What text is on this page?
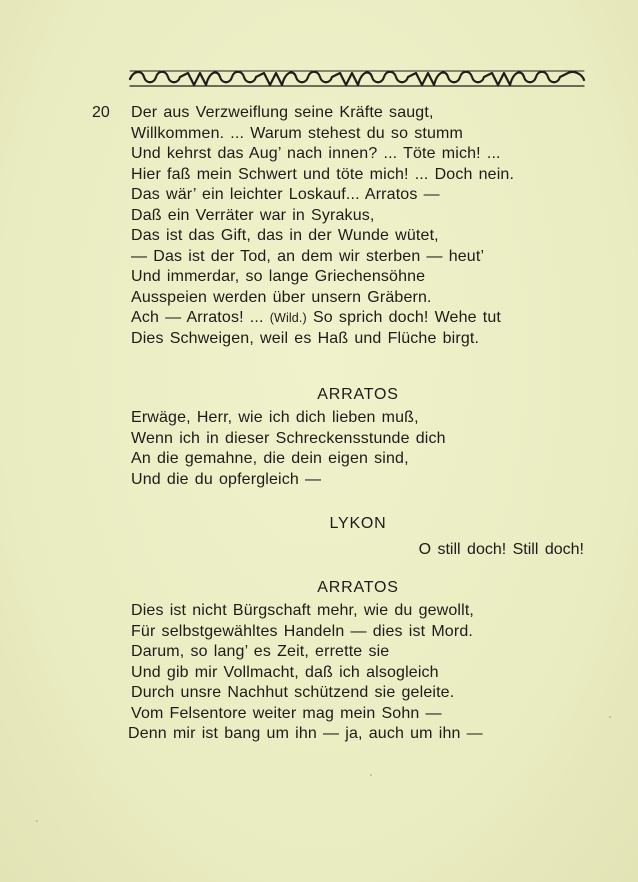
20 Der aus Verzweiflung seine Kräfte saugt,
Willkommen. ... Warum stehest du so stumm
Und kehrst das Aug’ nach innen? ... Töte mich! ...
Hier faß mein Schwert und töte mich! ... Doch nein.
Das wär’ ein leichter Loskauf... Arratos —
Daß ein Verräter war in Syrakus,
Das ist das Gift, das in der Wunde wütet,
— Das ist der Tod, an dem wir sterben — heut’
Und immerdar, so lange Griechensöhne
Ausspeien werden über unsern Gräbern.
Ach — Arratos! ... (Wild.) So sprich doch! Wehe tut
Dies Schweigen, weil es Haß und Flüche birgt.
ARRATOS
Erwäge, Herr, wie ich dich lieben muß,
Wenn ich in dieser Schreckensstunde dich
An die gemahne, die dein eigen sind,
Und die du opfergleich —
LYKON
O still doch! Still doch!
ARRATOS
Dies ist nicht Bürgschaft mehr, wie du gewollt,
Für selbstgewähltes Handeln — dies ist Mord.
Darum, so lang’ es Zeit, errette sie
Und gib mir Vollmacht, daß ich alsogleich
Durch unsre Nachhut schützend sie geleite.
Vom Felsentore weiter mag mein Sohn —
Denn mir ist bang um ihn — ja, auch um ihn —
